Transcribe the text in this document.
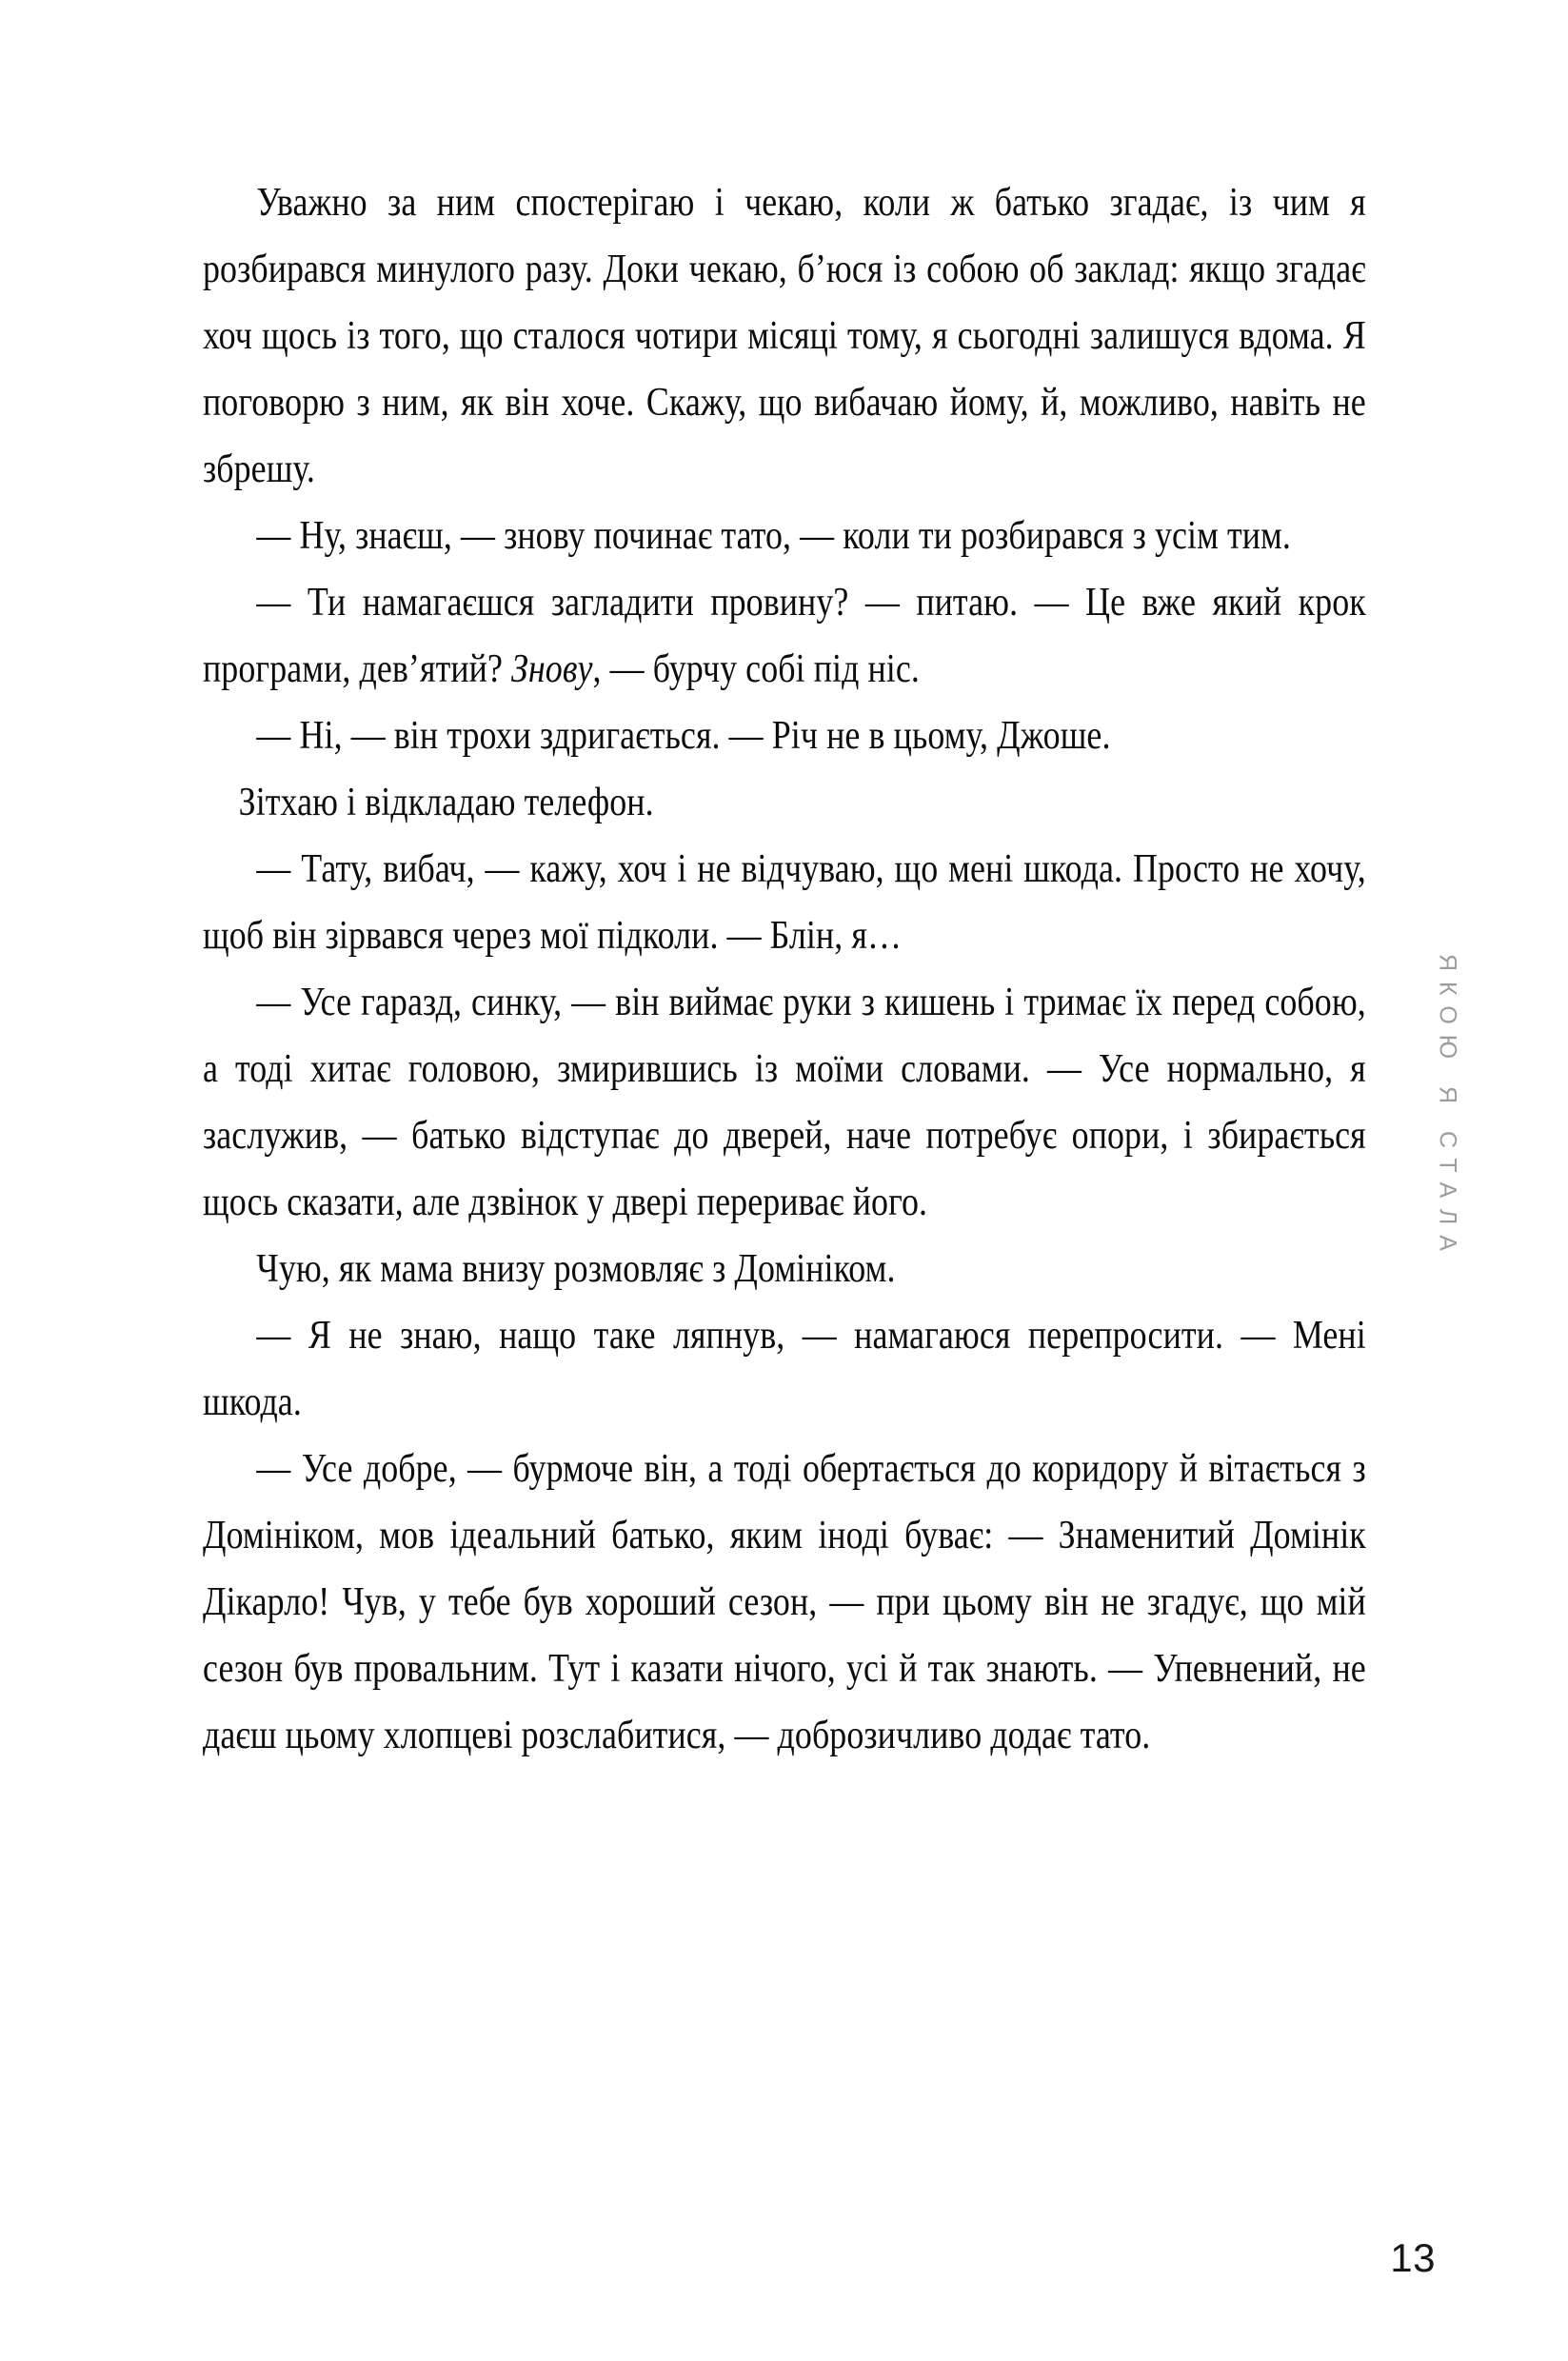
Уважно за ним спостерігаю і чекаю, коли ж батько згадає, із чим я розбирався минулого разу. Доки чекаю, б’юся із собою об заклад: якщо згадає хоч щось із того, що сталося чотири місяці тому, я сьогодні залишуся вдома. Я поговорю з ним, як він хоче. Скажу, що вибачаю йому, й, можливо, навіть не збрешу.

— Ну, знаєш, — знову починає тато, — коли ти розбирався з усім тим.

— Ти намагаєшся загладити провину? — питаю. — Це вже який крок програми, дев’ятий? Знову, — бурчу собі під ніс.

— Ні, — він трохи здригається. — Річ не в цьому, Джоше.

Зітхаю і відкладаю телефон.

— Тату, вибач, — кажу, хоч і не відчуваю, що мені шкода. Просто не хочу, щоб він зірвався через мої підколи. — Блін, я…

— Усе гаразд, синку, — він виймає руки з кишень і тримає їх перед собою, а тоді хитає головою, змирившись із моїми словами. — Усе нормально, я заслужив, — батько відступає до дверей, наче потребує опори, і збирається щось сказати, але дзвінок у двері перериває його.

Чую, як мама внизу розмовляє з Домініком.

— Я не знаю, нащо таке ляпнув, — намагаюся перепросити. — Мені шкода.

— Усе добре, — бурмоче він, а тоді обертається до коридору й вітається з Домініком, мов ідеальний батько, яким іноді буває: — Знаменитий Домінік Дікарло! Чув, у тебе був хороший сезон, — при цьому він не згадує, що мій сезон був провальним. Тут і казати нічого, усі й так знають. — Упевнений, не даєш цьому хлопцеві розслабитися, — доброзичливо додає тато.

ЯКОЮ Я СТАЛА
13
